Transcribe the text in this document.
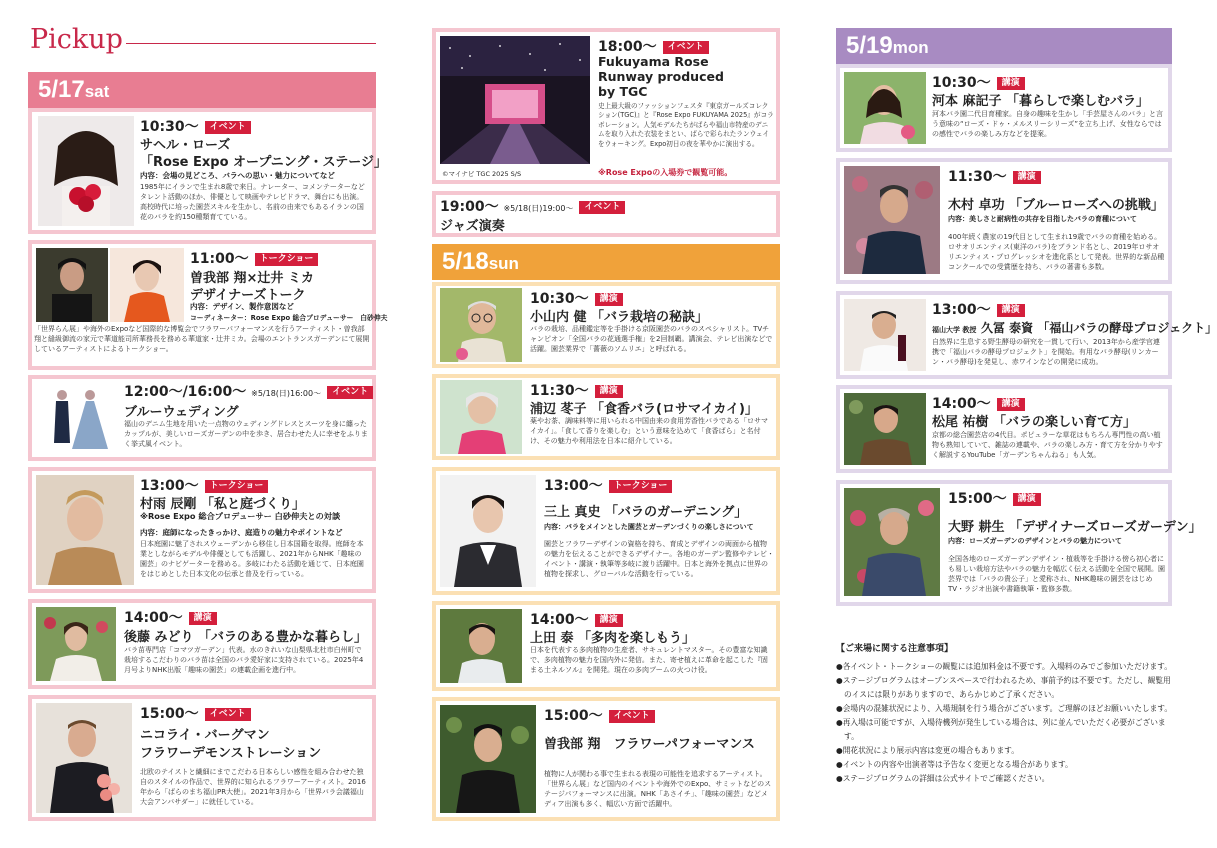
Pickup
5/17sat
10:30〜 イベント
サヘル・ローズ
「Rose Expo オープニング・ステージ」
内容：会場の見どころ、バラへの思い・魅力についてなど
1985年にイランで生まれ8歳で来日。ナレーター、コメンテーターなどタレント活動のほか、俳優として映画やテレビドラマ、舞台にも出演。高校時代に培った園芸スキルを生かし、名前の由来でもあるイランの国花のバラを約150種類育てている。
11:00〜 トークショー
曽我部 翔×辻井 ミカ
デザイナーズトーク
内容：デザイン、製作意図など
コーディネーター：Rose Expo 総合プロデューサー　白砂伸夫
「世界らん展」や海外のExpoなど国際的な博覧会でフラワーパフォーマンスを行うアーティスト・曽我部翔と縫級御流の家元で華道能司所華務長を務める華道家・辻井ミカ。会場のエントランスガーデンにて展開しているアーティストによるトークショー。
12:00〜/16:00〜 ※5/18(日)16:00〜 イベント
ブルーウェディング
福山のデニム生地を用いた一点物のウェディングドレスとスーツを身に纏ったカップルが、美しいローズガーデンの中を歩き、居合わせた人に幸せをふりまく挙式風イベント。
13:00〜 トークショー
村雨 辰剛 「私と庭づくり」
※Rose Expo 総合プロデューサー 白砂伸夫との対談
内容：庭師になったきっかけ、庭造りの魅力やポイントなど
日本庭園に魅了されスウェーデンから移住し日本国籍を取得。庭師を本業としながらモデルや俳優としても活躍し、2021年からNHK「趣味の園芸」のナビゲーターを務める。多岐にわたる活動を通じて、日本庭園をはじめとした日本文化の伝承と普及を行っている。
14:00〜 講演
後藤 みどり 「バラのある豊かな暮らし」
バラ苗専門店「コマツガーデン」代表。水のきれいな山梨県北杜市白州町で栽培するこだわりのバラ苗は全国のバラ愛好家に支持されている。2025年4月号よりNHK出版「趣味の園芸」の連載企画を進行中。
15:00〜 イベント
ニコライ・バーグマン
フラワーデモンストレーション
北欧のテイストと繊細にまでこだわる日本らしい感性を組み合わせた独自のスタイルの作品で、世界的に知られるフラワーアーティスト。2016年から「ばらのまち福山PR大使」。2021年3月から「世界バラ会議福山大会アンバサダー」に就任している。
©マイナビ TGC 2025 S/S
18:00〜 イベント
Fukuyama Rose Runway produced by TGC
史上最大級のファッションフェスタ『東京ガールズコレクション(TGC)』と『Rose Expo FUKUYAMA 2025』がコラボレーション。人気モデルたちがばらや福山市特産のデニムを取り入れた衣装をまとい、ばらで彩られたランウェイをウォーキング。Expo初日の夜を華やかに演出する。
※Rose Expoの入場券で観覧可能。
19:00〜 ※5/18(日)19:00〜 イベント
ジャズ演奏
5/18sun
10:30〜 講演
小山内 健 「バラ栽培の秘訣」
バラの栽培、品種鑑定等を手掛ける京阪園芸のバラのスペシャリスト。TVチャンピオン「全国バラの花通選手権」を2回制覇。講演会、テレビ出演などで活躍。園芸業界で「薔薇のソムリエ」と呼ばれる。
11:30〜 講演
浦辺 苳子 「食香バラ(ロサマイカイ)」
薬やお茶、調味料等に用いられる中国由来の食用芳香性バラである「ロサマイカイ」。「食して香りを楽しむ」という意味を込めて「食香ばら」と名付け、その魅力や利用法を日本に紹介している。
13:00〜 トークショー
三上 真史 「バラのガーデニング」
内容：バラをメインとした園芸とガーデンづくりの楽しさについて
園芸とフラワーデザインの資格を持ち、育成とデザインの両面から植物の魅力を伝えることができるデザイナー。各地のガーデン監修やテレビ・イベント・講演・執筆等多岐に渡り活躍中。日本と海外を拠点に世界の植物を探求し、グローバルな活動を行っている。
14:00〜 講演
上田 泰 「多肉を楽しもう」
日本を代表する多肉植物の生産者、サキュレントマスター。その豊富な知識で、多肉植物の魅力を国内外に発信。また、寄せ植えに革命を起こした『固まる土ネルソル』を開発。現在の多肉ブームの火つけ役。
15:00〜 イベント
曽我部 翔　フラワーパフォーマンス
植物に人が関わる事で生まれる表現の可能性を追求するアーティスト。「世界らん展」など国内のイベントや海外でのExpo、サミットなどのステージパフォーマンスに出演。NHK「あさイチ」、「趣味の園芸」などメディア出演も多く、幅広い方面で活躍中。
5/19mon
10:30〜 講演
河本 麻記子 「暮らしで楽しむバラ」
河本バラ園二代目育種家。自身の趣味を生かし「手芸屋さんのバラ」と言う意味の“ローズ・ドゥ・メルスリーシリーズ”を立ち上げ、女性ならではの感性でバラの楽しみ方などを提案。
11:30〜 講演
木村 卓功 「ブルーローズへの挑戦」
内容：美しさと耐病性の共存を目指したバラの育種について
400年続く農家の19代目として生まれ19歳でバラの育種を始める。ロサオリエンティス(東洋のバラ)をブランド名とし、2019年ロサオリエンティス・プログレッシオを進化系として発表。世界的な新品種コンクールでの受賞歴を持ち、バラの著書も多数。
13:00〜 講演
福山大学 教授 久冨 泰資 「福山バラの酵母プロジェクト」
自然界に生息する野生酵母の研究を一貫して行い、2013年から産学官連携で「福山バラの酵母プロジェクト」を開始。有用なバラ酵母(リンカーン・バラ酵母)を発見し、赤ワインなどの開発に成功。
14:00〜 講演
松尾 祐樹 「バラの楽しい育て方」
京都の総合園芸店の4代目。ポピュラーな草花はもちろん専門性の高い植物も熟知していて、雑誌の連載や、バラの楽しみ方・育て方を分かりやすく解説するYouTube「ガーデンちゃんねる」も人気。
15:00〜 講演
大野 耕生 「デザイナーズローズガーデン」
内容：ローズガーデンのデザインとバラの魅力について
全国各地のローズガーデンデザイン・植栽等を手掛ける傍ら初心者にも易しい栽培方法やバラの魅力を幅広く伝える活動を全国で展開。園芸界では「バラの貴公子」と愛称され、NHK趣味の園芸をはじめTV・ラジオ出演や書籍執筆・監修多数。
【ご来場に関する注意事項】
●各イベント・トークショーの観覧には追加料金は不要です。入場料のみでご参加いただけます。
●ステージプログラムはオープンスペースで行われるため、事前予約は不要です。ただし、観覧用のイスには限りがありますので、あらかじめご了承ください。
●会場内の混雑状況により、入場規制を行う場合がございます。ご理解のほどお願いいたします。
●再入場は可能ですが、入場待機列が発生している場合は、列に並んでいただく必要がございます。
●開花状況により展示内容は変更の場合もあります。
●イベントの内容や出演者等は予告なく変更となる場合があります。
●ステージプログラムの詳細は公式サイトでご確認ください。
